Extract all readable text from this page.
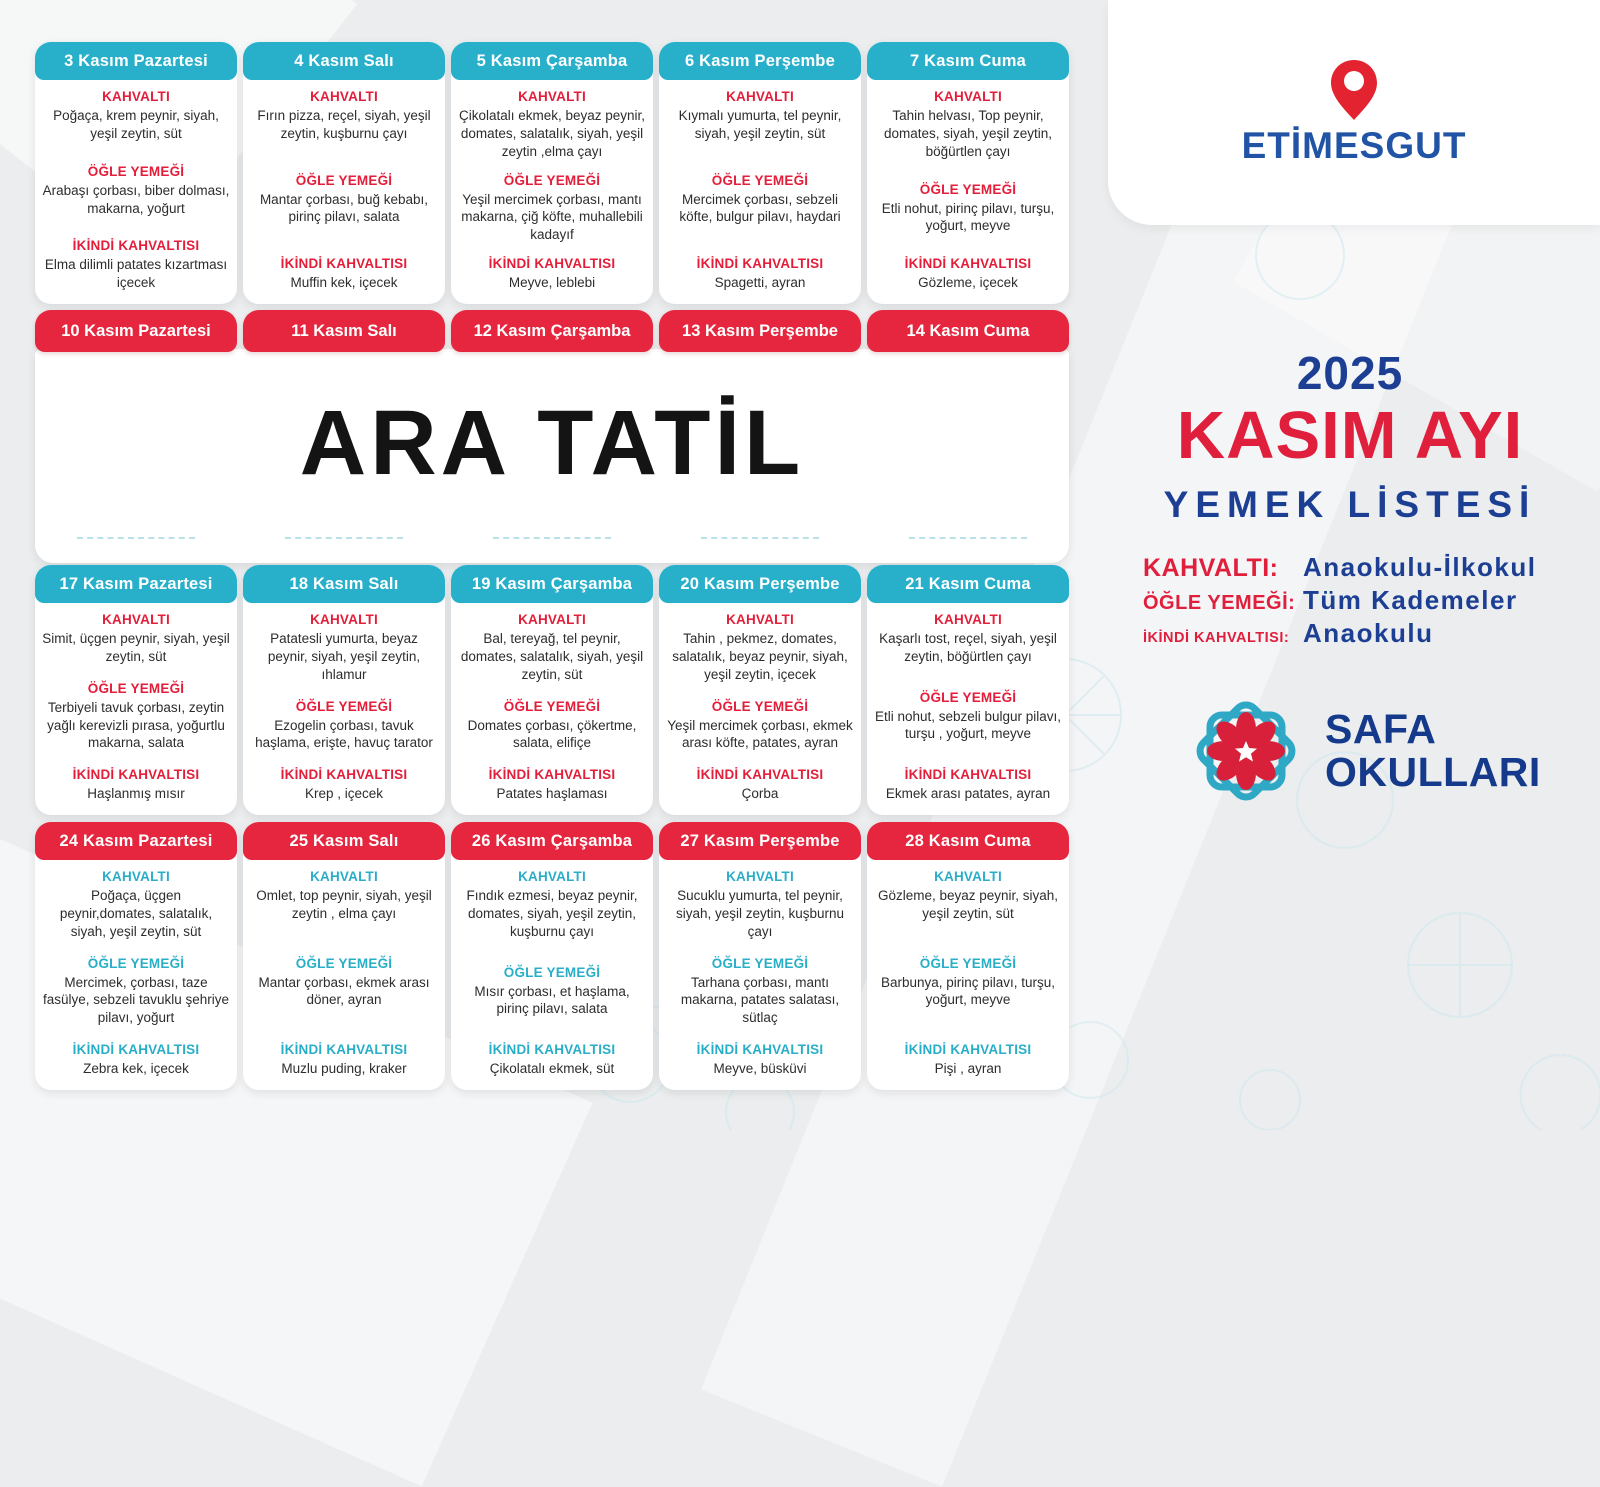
3 Kasım Pazartesi
KAHVALTI

Poğaça, krem peynir, siyah, yeşil zeytin, süt

ÖĞLE YEMEĞİ

Arabaşı çorbası, biber dolması, makarna, yoğurt

İKİNDİ KAHVALTISI

Elma dilimli patates kızartması içecek

4 Kasım Salı
KAHVALTI

Fırın pizza, reçel, siyah, yeşil zeytin, kuşburnu çayı

ÖĞLE YEMEĞİ

Mantar çorbası, buğ kebabı, pirinç pilavı, salata

İKİNDİ KAHVALTISI

Muffin kek, içecek

5 Kasım Çarşamba
KAHVALTI

Çikolatalı ekmek, beyaz peynir, domates, salatalık, siyah, yeşil zeytin ,elma çayı

ÖĞLE YEMEĞİ

Yeşil mercimek çorbası, mantı makarna, çiğ köfte, muhallebili kadayıf

İKİNDİ KAHVALTISI

Meyve, leblebi

6 Kasım Perşembe
KAHVALTI

Kıymalı yumurta, tel peynir, siyah, yeşil zeytin, süt

ÖĞLE YEMEĞİ

Mercimek çorbası, sebzeli köfte, bulgur pilavı, haydari

İKİNDİ KAHVALTISI

Spagetti, ayran

7 Kasım Cuma
KAHVALTI

Tahin helvası, Top peynir, domates, siyah, yeşil zeytin, böğürtlen çayı

ÖĞLE YEMEĞİ

Etli nohut, pirinç pilavı, turşu, yoğurt, meyve

İKİNDİ KAHVALTISI

Gözleme, içecek

10 Kasım Pazartesi	11 Kasım Salı	12 Kasım Çarşamba	13 Kasım Perşembe	14 Kasım Cuma
ARA TATİL
17 Kasım Pazartesi
KAHVALTI

Simit, üçgen peynir, siyah, yeşil zeytin, süt

ÖĞLE YEMEĞİ

Terbiyeli tavuk çorbası, zeytin yağlı kerevizli pırasa, yoğurtlu makarna, salata

İKİNDİ KAHVALTISI

Haşlanmış mısır

18 Kasım Salı
KAHVALTI

Patatesli yumurta, beyaz peynir, siyah, yeşil zeytin, ıhlamur

ÖĞLE YEMEĞİ

Ezogelin çorbası, tavuk haşlama, erişte, havuç tarator

İKİNDİ KAHVALTISI

Krep , içecek

19 Kasım Çarşamba
KAHVALTI

Bal, tereyağ, tel peynir, domates, salatalık, siyah, yeşil zeytin, süt

ÖĞLE YEMEĞİ

Domates çorbası, çökertme, salata, elifiçe

İKİNDİ KAHVALTISI

Patates haşlaması

20 Kasım Perşembe
KAHVALTI

Tahin , pekmez, domates, salatalık, beyaz peynir, siyah, yeşil zeytin, içecek

ÖĞLE YEMEĞİ

Yeşil mercimek çorbası, ekmek arası köfte, patates, ayran

İKİNDİ KAHVALTISI

Çorba

21 Kasım Cuma
KAHVALTI

Kaşarlı tost, reçel, siyah, yeşil zeytin, böğürtlen çayı

ÖĞLE YEMEĞİ

Etli nohut, sebzeli bulgur pilavı, turşu , yoğurt, meyve

İKİNDİ KAHVALTISI

Ekmek arası patates, ayran

24 Kasım Pazartesi
KAHVALTI

Poğaça, üçgen peynir,domates, salatalık, siyah, yeşil zeytin, süt

ÖĞLE YEMEĞİ

Mercimek, çorbası, taze fasülye, sebzeli tavuklu şehriye pilavı, yoğurt

İKİNDİ KAHVALTISI

Zebra kek, içecek

25 Kasım Salı
KAHVALTI

Omlet, top peynir, siyah, yeşil zeytin , elma çayı

ÖĞLE YEMEĞİ

Mantar çorbası, ekmek arası döner, ayran

İKİNDİ KAHVALTISI

Muzlu puding, kraker

26 Kasım Çarşamba
KAHVALTI

Fındık ezmesi, beyaz peynir, domates, siyah, yeşil zeytin, kuşburnu çayı

ÖĞLE YEMEĞİ

Mısır çorbası, et haşlama, pirinç pilavı, salata

İKİNDİ KAHVALTISI

Çikolatalı ekmek, süt

27 Kasım Perşembe
KAHVALTI

Sucuklu yumurta, tel peynir, siyah, yeşil zeytin, kuşburnu çayı

ÖĞLE YEMEĞİ

Tarhana çorbası, mantı makarna, patates salatası, sütlaç

İKİNDİ KAHVALTISI

Meyve, büsküvi

28 Kasım Cuma
KAHVALTI

Gözleme, beyaz peynir, siyah, yeşil zeytin, süt

ÖĞLE YEMEĞİ

Barbunya, pirinç pilavı, turşu, yoğurt, meyve

İKİNDİ KAHVALTISI

Pişi , ayran

ETİMESGUT
2025
KASIM AYI
YEMEK LİSTESİ
KAHVALTI: Anaokulu-İlkokul
ÖĞLE YEMEĞİ: Tüm Kademeler
İKİNDİ KAHVALTISI: Anaokulu
SAFA
OKULLARI
